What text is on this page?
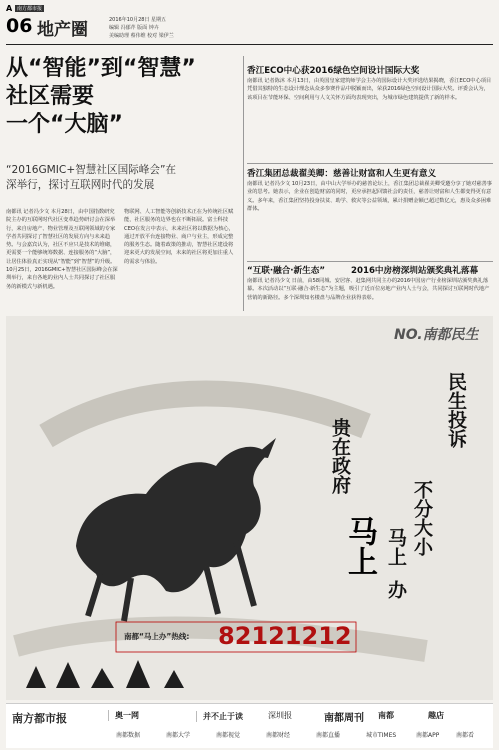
A 南方都市报
06 地产圈	2016年10月28日 星期五
编辑 冯郁芹 版面 钟卉
美编助理 蔡伟维 校对 梁伊兰
从“智能”到“智慧”
社区需要
一个“大脑”
“2016GMIC+智慧社区国际峰会”在
深举行，探讨互联网时代的发展
南都讯 记者冯少文 本月28日，由中国指数研究院主办的互联网时代社区变革趋势研讨会在深举行，来自房地产、物业管理及互联网领域的专家学者共同探讨了智慧社区的发展方向与未来趋势。与会嘉宾认为，社区不应只是技术的堆砌，更需要一个能够统筹数据、连接服务的“大脑”，让居住体验真正实现从“智能”到“智慧”的升级。10月25日，2016GMIC+智慧社区国际峰会在深圳举行，来自各地的业内人士共同探讨了社区服务的新模式与新机遇。
物联网、人工智能等创新技术正在为传统社区赋能，社区服务的边界也在不断拓展。富士科技CEO在发言中表示，未来社区将以数据为核心，通过开放平台连接物业、商户与业主，形成完整的服务生态。随着政策的推动，智慧社区建设将迎来更大的发展空间，未来的社区将更加注重人的需求与体验。
香江ECO中心获2016绿色空间设计国际大奖
南都讯 记者陈沐 本月13日，由英国皇家建筑师学会主办的国际设计大奖评选结果揭晓，香江ECO中心项目凭借其独特的生态设计理念从众多参赛作品中脱颖而出，荣获2016绿色空间设计国际大奖。评委会认为，该项目在节能环保、空间利用与人文关怀方面均表现突出，为城市绿色建筑提供了新的样本。
香江集团总裁翟美卿：慈善让财富和人生更有意义
南都讯 记者冯少文 10月23日，由中山大学举办的慈善论坛上，香江集团总裁翟美卿受邀分享了她对慈善事业的思考。她表示，企业在创造财富的同时，更应承担起回馈社会的责任，慈善让财富和人生都变得更有意义。多年来，香江集团坚持投身扶贫、助学、救灾等公益领域，累计捐赠金额已超过数亿元，惠及众多困难群体。
“互联·融合·新生态”	2016中房榜深圳站颁奖典礼落幕
南都讯 记者冯少文 日前，由58同城、安居客、赶集网共同主办的2016中国房产行业榜深圳站颁奖典礼落幕。本次活动以“互联·融合·新生态”为主题，吸引了近百位房地产业内人士与会，共同探讨互联网时代地产营销的新路径。多个深圳知名楼盘与品牌企业获得表彰。
NO.南都民生
贵在政府
马上
民生投诉
不分大小
马上
办
南都“马上办”热线: 82121212
南方都市报	奥一网	并不止于读	深圳报	南都周刊 南都	趣店
南都数据	南都大学	南都视觉	南都财经	南都直播	城市TIMES	南都APP	南都看
